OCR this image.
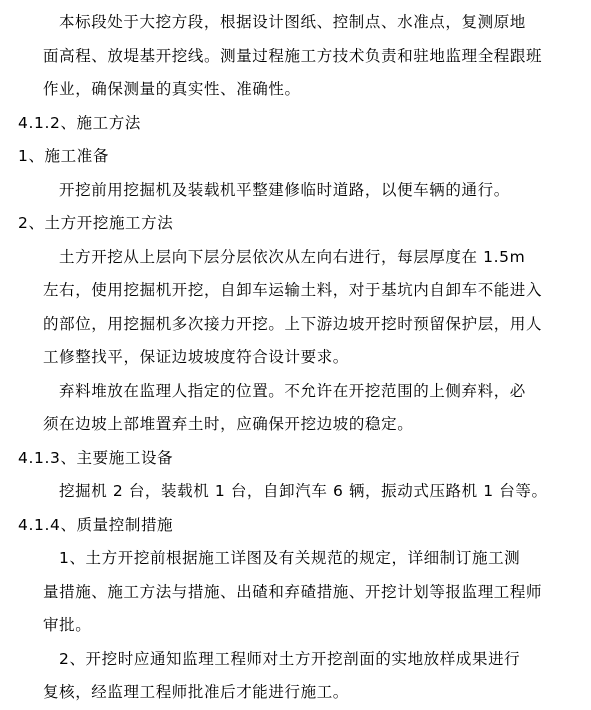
本标段处于大挖方段，根据设计图纸、控制点、水准点，复测原地
面高程、放堤基开挖线。测量过程施工方技术负责和驻地监理全程跟班
作业，确保测量的真实性、准确性。
4.1.2、施工方法
1、施工准备
开挖前用挖掘机及装载机平整建修临时道路，以便车辆的通行。
2、土方开挖施工方法
土方开挖从上层向下层分层依次从左向右进行，每层厚度在 1.5m
左右，使用挖掘机开挖，自卸车运输土料，对于基坑内自卸车不能进入
的部位，用挖掘机多次接力开挖。上下游边坡开挖时预留保护层，用人
工修整找平，保证边坡坡度符合设计要求。
弃料堆放在监理人指定的位置。不允许在开挖范围的上侧弃料，必
须在边坡上部堆置弃土时，应确保开挖边坡的稳定。
4.1.3、主要施工设备
挖掘机 2 台，装载机 1 台，自卸汽车 6 辆，振动式压路机 1 台等。
4.1.4、质量控制措施
1、土方开挖前根据施工详图及有关规范的规定，详细制订施工测
量措施、施工方法与措施、出碴和弃碴措施、开挖计划等报监理工程师
审批。
2、开挖时应通知监理工程师对土方开挖剖面的实地放样成果进行
复核，经监理工程师批准后才能进行施工。
